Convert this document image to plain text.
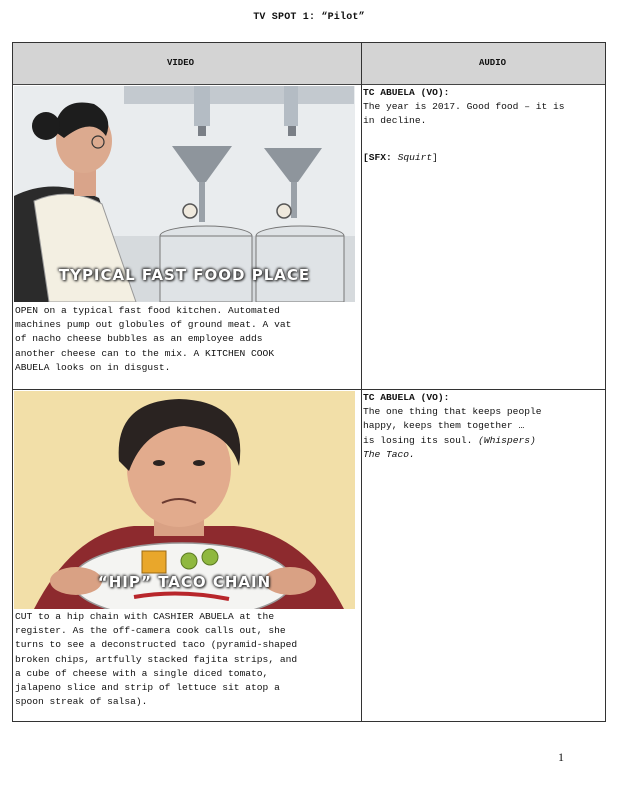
TV SPOT 1: “Pilot”
VIDEO	AUDIO
TYPICAL FAST FOOD PLACE
OPEN on a typical fast food kitchen. Automated
machines pump out globules of ground meat. A vat
of nacho cheese bubbles as an employee adds
another cheese can to the mix. A KITCHEN COOK
ABUELA looks on in disgust.
TC ABUELA (VO):
The year is 2017. Good food – it is
in decline.

[SFX: Squirt]
“HIP” TACO CHAIN
CUT to a hip chain with CASHIER ABUELA at the
register. As the off-camera cook calls out, she
turns to see a deconstructed taco (pyramid-shaped
broken chips, artfully stacked fajita strips, and
a cube of cheese with a single diced tomato,
jalapeno slice and strip of lettuce sit atop a
spoon streak of salsa).
TC ABUELA (VO):
The one thing that keeps people
happy, keeps them together …
is losing its soul. (Whispers)
The Taco.
1
